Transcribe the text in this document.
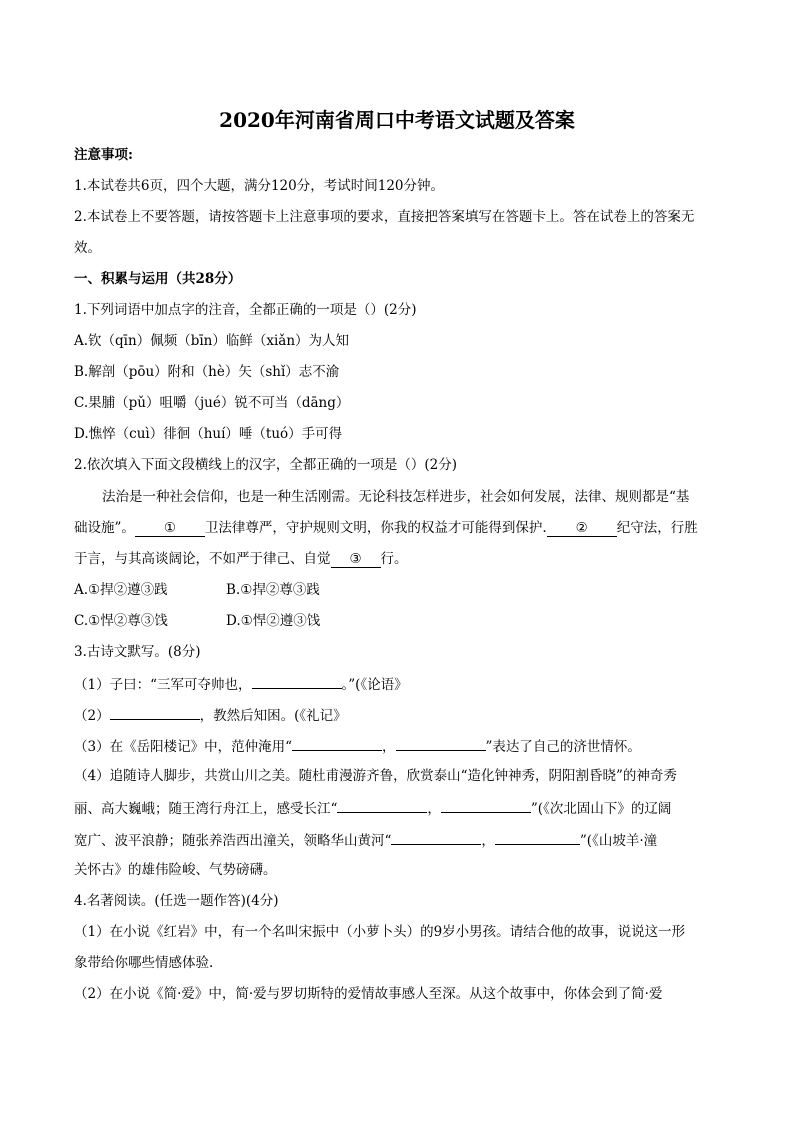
2020年河南省周口中考语文试题及答案
注意事项:
1.本试卷共6页，四个大题，满分120分，考试时间120分钟。
2.本试卷上不要答题，请按答题卡上注意事项的要求，直接把答案填写在答题卡上。答在试卷上的答案无
效。
一、积累与运用（共28分）
1.下列词语中加点字的注音，全都正确的一项是（）(2分)
A.钦（qīn）佩频（bīn）临鲜（xiǎn）为人知
B.解剖（pōu）附和（hè）矢（shǐ）志不渝
C.果脯（pǔ）咀嚼（jué）锐不可当（dāng）
D.憔悴（cuì）徘徊（huí）唾（tuó）手可得
2.依次填入下面文段横线上的汉字，全都正确的一项是（）(2分)
法治是一种社会信仰，也是一种生活刚需。无论科技怎样进步，社会如何发展，法律、规则都是“基
础设施”。 ① 卫法律尊严，守护规则文明，你我的权益才可能得到保护. ② 纪守法，行胜
于言，与其高谈阔论，不如严于律己、自觉 ③ 行。
A.①捍②遵③践	B.①捍②尊③践
C.①悍②尊③饯	D.①悍②遵③饯
3.古诗文默写。(8分)
（1）子曰：“三军可夺帅也，	。”(《论语》
（2）	，教然后知困。(《礼记》
（3）在《岳阳楼记》中，范仲淹用“	，	”表达了自己的济世情怀。
（4）追随诗人脚步，共赏山川之美。随杜甫漫游齐鲁，欣赏泰山“造化钟神秀，阴阳割昏晓”的神奇秀
丽、高大巍峨；随王湾行舟江上，感受长江“	，	”(《次北固山下》的辽阔
宽广、波平浪静；随张养浩西出潼关，领略华山黄河“	，	”(《山坡羊·潼
关怀古》的雄伟险峻、气势磅礴。
4.名著阅读。(任选一题作答)(4分)
（1）在小说《红岩》中，有一个名叫宋振中（小萝卜头）的9岁小男孩。请结合他的故事，说说这一形
象带给你哪些情感体验.
（2）在小说《简·爱》中，简·爱与罗切斯特的爱情故事感人至深。从这个故事中，你体会到了简·爱
